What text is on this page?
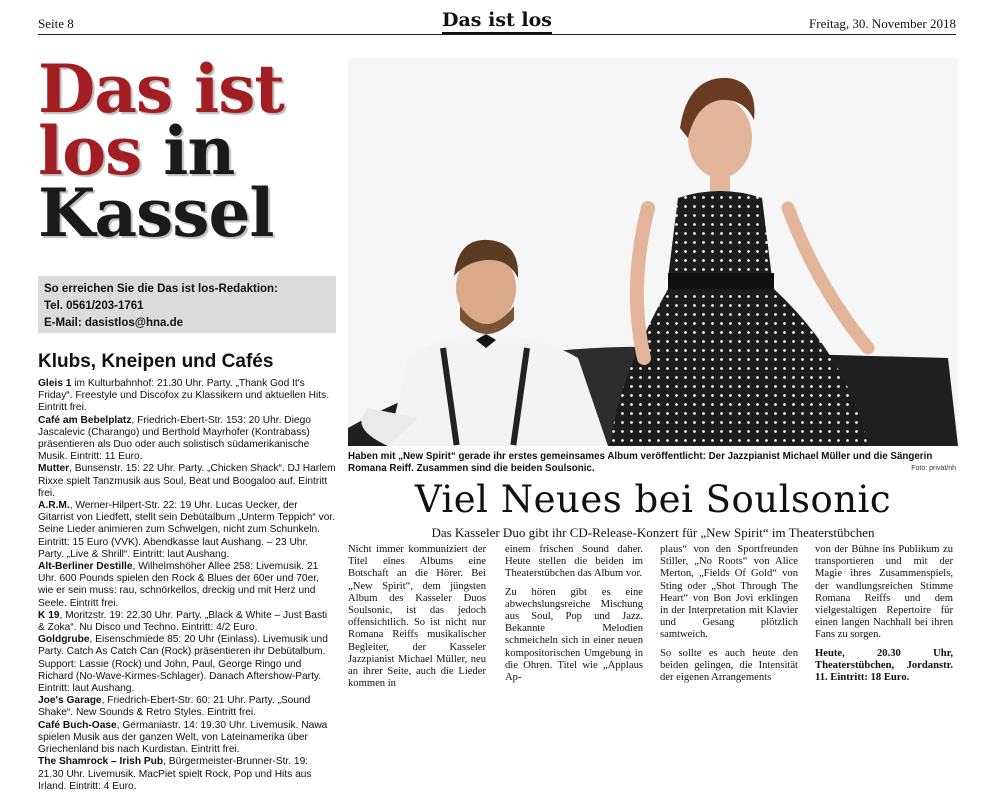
Seite 8	Das ist los	Freitag, 30. November 2018
Das ist
los in
Kassel
So erreichen Sie die Das ist los-Redaktion:
Tel. 0561/203-1761
E-Mail: dasistlos@hna.de
Klubs, Kneipen und Cafés

Gleis 1 im Kulturbahnhof: 21.30 Uhr. Party. „Thank God It's Friday“. Freestyle und Discofox zu Klassikern und aktuellen Hits. Eintritt frei.

Café am Bebelplatz, Friedrich-Ebert-Str. 153: 20 Uhr. Diego Jascalevic (Charango) und Berthold Mayrhofer (Kontrabass) präsentieren als Duo oder auch solistisch südamerikanische Musik. Eintritt: 11 Euro.

Mutter, Bunsenstr. 15: 22 Uhr. Party. „Chicken Shack“. DJ Harlem Rixxe spielt Tanzmusik aus Soul, Beat und Boogaloo auf. Eintritt frei.

A.R.M., Werner-Hilpert-Str. 22: 19 Uhr. Lucas Uecker, der Gitarrist von Liedfett, stellt sein Debütalbum „Unterm Teppich“ vor. Seine Lieder animieren zum Schwelgen, nicht zum Schunkeln. Eintritt: 15 Euro (VVK). Abendkasse laut Aushang. – 23 Uhr. Party. „Live & Shrill“. Eintritt: laut Aushang.

Alt-Berliner Destille, Wilhelmshöher Allee 258: Livemusik. 21 Uhr. 600 Pounds spielen den Rock & Blues der 60er und 70er, wie er sein muss: rau, schnörkellos, dreckig und mit Herz und Seele. Eintritt frei.

K 19, Moritzstr. 19: 22.30 Uhr. Party. „Black & White – Just Basti & Zoka“. Nu Disco und Techno. Eintritt: 4/2 Euro.

Goldgrube, Eisenschmiede 85: 20 Uhr (Einlass). Livemusik und Party. Catch As Catch Can (Rock) präsentieren ihr Debütalbum. Support: Lassie (Rock) und John, Paul, George Ringo und Richard (No-Wave-Kirmes-Schlager). Danach Aftershow-Party. Eintritt: laut Aushang.

Joe's Garage, Friedrich-Ebert-Str. 60: 21 Uhr. Party. „Sound Shake“. New Sounds & Retro Styles. Eintritt frei.

Café Buch-Oase, Germaniastr. 14: 19.30 Uhr. Livemusik. Nawa spielen Musik aus der ganzen Welt, von Lateinamerika über Griechenland bis nach Kurdistan. Eintritt frei.

The Shamrock – Irish Pub, Bürgermeister-Brunner-Str. 19: 21.30 Uhr. Livemusik. MacPiet spielt Rock, Pop und Hits aus Irland. Eintritt: 4 Euro.

Haben mit „New Spirit“ gerade ihr erstes gemeinsames Album veröffentlicht: Der Jazzpianist Michael Müller und die Sängerin Romana Reiff. Zusammen sind die beiden Soulsonic.	Foto: privat/nh
Viel Neues bei Soulsonic
Das Kasseler Duo gibt ihr CD-Release-Konzert für „New Spirit“ im Theaterstübchen

Nicht immer kommuniziert der Titel eines Albums eine Botschaft an die Hörer. Bei „New Spirit“, dem jüngsten Album des Kasseler Duos Soulsonic, ist das jedoch offensichtlich. So ist nicht nur Romana Reiffs musikalischer Begleiter, der Kasseler Jazzpianist Michael Müller, neu an ihrer Seite, auch die Lieder kommen in

einem frischen Sound daher. Heute stellen die beiden im Theaterstübchen das Album vor.

Zu hören gibt es eine abwechslungsreiche Mischung aus Soul, Pop und Jazz. Bekannte Melodien schmeicheln sich in einer neuen kompositorischen Umgebung in die Ohren. Titel wie „Applaus Ap-

plaus“ von den Sportfreunden Stiller, „No Roots“ von Alice Merton, „Fields Of Gold“ von Sting oder „Shot Through The Heart“ von Bon Jovi erklingen in der Interpretation mit Klavier und Gesang plötzlich samtweich.

So sollte es auch heute den beiden gelingen, die Intensität der eigenen Arrangements

von der Bühne ins Publikum zu transportieren und mit der Magie ihres Zusammenspiels, der wandlungsreichen Stimme Romana Reiffs und dem vielgestaltigen Repertoire für einen langen Nachhall bei ihren Fans zu sorgen.

Heute, 20.30 Uhr, Theaterstübchen, Jordanstr. 11. Eintritt: 18 Euro.
